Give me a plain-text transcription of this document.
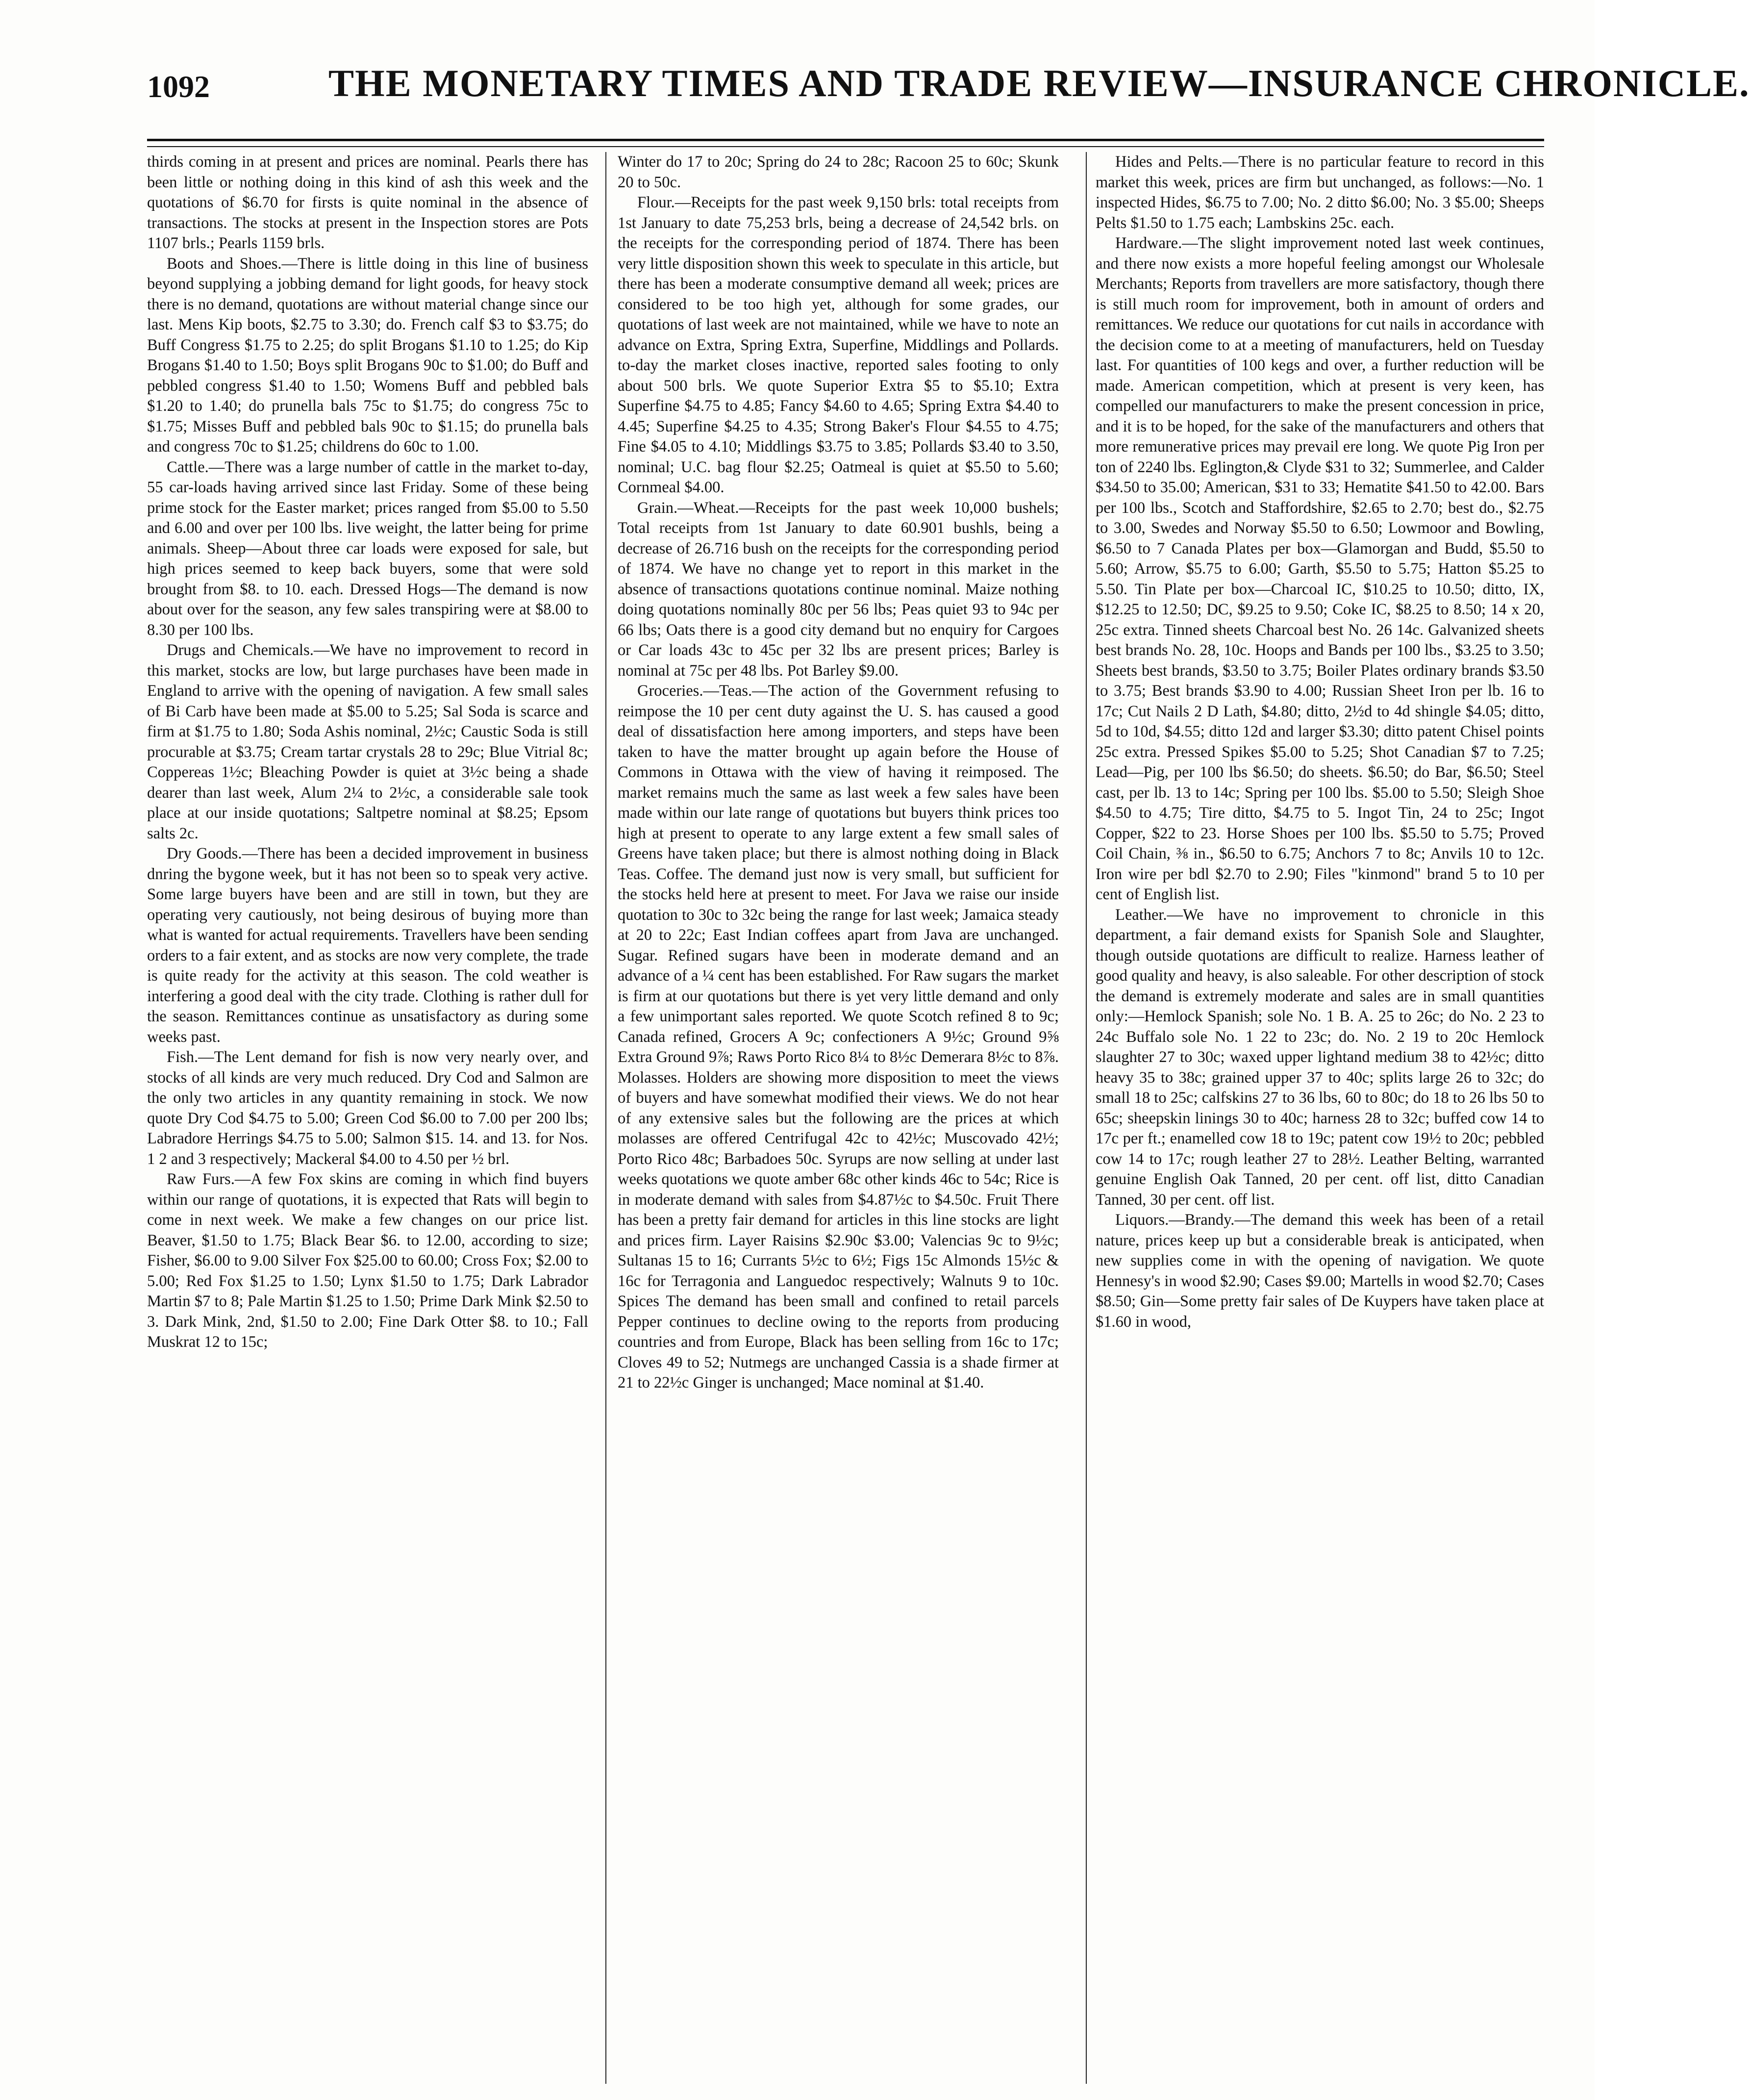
1092	THE MONETARY TIMES AND TRADE REVIEW—INSURANCE CHRONICLE.

thirds coming in at present and prices are nominal. Pearls there has been little or nothing doing in this kind of ash this week and the quotations of $6.70 for firsts is quite nominal in the absence of transactions. The stocks at present in the Inspection stores are Pots 1107 brls.; Pearls 1159 brls.

Boots and Shoes.—There is little doing in this line of business beyond supplying a jobbing demand for light goods, for heavy stock there is no demand, quotations are without material change since our last. Mens Kip boots, $2.75 to 3.30; do. French calf $3 to $3.75; do Buff Congress $1.75 to 2.25; do split Brogans $1.10 to 1.25; do Kip Brogans $1.40 to 1.50; Boys split Brogans 90c to $1.00; do Buff and pebbled congress $1.40 to 1.50; Womens Buff and pebbled bals $1.20 to 1.40; do prunella bals 75c to $1.75; do congress 75c to $1.75; Misses Buff and pebbled bals 90c to $1.15; do prunella bals and congress 70c to $1.25; childrens do 60c to 1.00.

Cattle.—There was a large number of cattle in the market to-day, 55 car-loads having arrived since last Friday. Some of these being prime stock for the Easter market; prices ranged from $5.00 to 5.50 and 6.00 and over per 100 lbs. live weight, the latter being for prime animals. Sheep—About three car loads were exposed for sale, but high prices seemed to keep back buyers, some that were sold brought from $8. to 10. each. Dressed Hogs—The demand is now about over for the season, any few sales transpiring were at $8.00 to 8.30 per 100 lbs.

Drugs and Chemicals.—We have no improvement to record in this market, stocks are low, but large purchases have been made in England to arrive with the opening of navigation. A few small sales of Bi Carb have been made at $5.00 to 5.25; Sal Soda is scarce and firm at $1.75 to 1.80; Soda Ashis nominal, 2½c; Caustic Soda is still procurable at $3.75; Cream tartar crystals 28 to 29c; Blue Vitrial 8c; Coppereas 1½c; Bleaching Powder is quiet at 3½c being a shade dearer than last week, Alum 2¼ to 2½c, a considerable sale took place at our inside quotations; Saltpetre nominal at $8.25; Epsom salts 2c.

Dry Goods.—There has been a decided improvement in business dnring the bygone week, but it has not been so to speak very active. Some large buyers have been and are still in town, but they are operating very cautiously, not being desirous of buying more than what is wanted for actual requirements. Travellers have been sending orders to a fair extent, and as stocks are now very complete, the trade is quite ready for the activity at this season. The cold weather is interfering a good deal with the city trade. Clothing is rather dull for the season. Remittances continue as unsatisfactory as during some weeks past.

Fish.—The Lent demand for fish is now very nearly over, and stocks of all kinds are very much reduced. Dry Cod and Salmon are the only two articles in any quantity remaining in stock. We now quote Dry Cod $4.75 to 5.00; Green Cod $6.00 to 7.00 per 200 lbs; Labradore Herrings $4.75 to 5.00; Salmon $15. 14. and 13. for Nos. 1 2 and 3 respectively; Mackeral $4.00 to 4.50 per ½ brl.

Raw Furs.—A few Fox skins are coming in which find buyers within our range of quotations, it is expected that Rats will begin to come in next week. We make a few changes on our price list. Beaver, $1.50 to 1.75; Black Bear $6. to 12.00, according to size; Fisher, $6.00 to 9.00 Silver Fox $25.00 to 60.00; Cross Fox; $2.00 to 5.00; Red Fox $1.25 to 1.50; Lynx $1.50 to 1.75; Dark Labrador Martin $7 to 8; Pale Martin $1.25 to 1.50; Prime Dark Mink $2.50 to 3. Dark Mink, 2nd, $1.50 to 2.00; Fine Dark Otter $8. to 10.; Fall Muskrat 12 to 15c;

Winter do 17 to 20c; Spring do 24 to 28c; Racoon 25 to 60c; Skunk 20 to 50c.

Flour.—Receipts for the past week 9,150 brls: total receipts from 1st January to date 75,253 brls, being a decrease of 24,542 brls. on the receipts for the corresponding period of 1874. There has been very little disposition shown this week to speculate in this article, but there has been a moderate consumptive demand all week; prices are considered to be too high yet, although for some grades, our quotations of last week are not maintained, while we have to note an advance on Extra, Spring Extra, Superfine, Middlings and Pollards. to-day the market closes inactive, reported sales footing to only about 500 brls. We quote Superior Extra $5 to $5.10; Extra Superfine $4.75 to 4.85; Fancy $4.60 to 4.65; Spring Extra $4.40 to 4.45; Superfine $4.25 to 4.35; Strong Baker's Flour $4.55 to 4.75; Fine $4.05 to 4.10; Middlings $3.75 to 3.85; Pollards $3.40 to 3.50, nominal; U.C. bag flour $2.25; Oatmeal is quiet at $5.50 to 5.60; Cornmeal $4.00.

Grain.—Wheat.—Receipts for the past week 10,000 bushels; Total receipts from 1st January to date 60.901 bushls, being a decrease of 26.716 bush on the receipts for the corresponding period of 1874. We have no change yet to report in this market in the absence of transactions quotations continue nominal. Maize nothing doing quotations nominally 80c per 56 lbs; Peas quiet 93 to 94c per 66 lbs; Oats there is a good city demand but no enquiry for Cargoes or Car loads 43c to 45c per 32 lbs are present prices; Barley is nominal at 75c per 48 lbs. Pot Barley $9.00.

Groceries.—Teas.—The action of the Government refusing to reimpose the 10 per cent duty against the U. S. has caused a good deal of dissatisfaction here among importers, and steps have been taken to have the matter brought up again before the House of Commons in Ottawa with the view of having it reimposed. The market remains much the same as last week a few sales have been made within our late range of quotations but buyers think prices too high at present to operate to any large extent a few small sales of Greens have taken place; but there is almost nothing doing in Black Teas. Coffee. The demand just now is very small, but sufficient for the stocks held here at present to meet. For Java we raise our inside quotation to 30c to 32c being the range for last week; Jamaica steady at 20 to 22c; East Indian coffees apart from Java are unchanged. Sugar. Refined sugars have been in moderate demand and an advance of a ¼ cent has been established. For Raw sugars the market is firm at our quotations but there is yet very little demand and only a few unimportant sales reported. We quote Scotch refined 8 to 9c; Canada refined, Grocers A 9c; confectioners A 9½c; Ground 9⅝ Extra Ground 9⅞; Raws Porto Rico 8¼ to 8½c Demerara 8½c to 8⅞. Molasses. Holders are showing more disposition to meet the views of buyers and have somewhat modified their views. We do not hear of any extensive sales but the following are the prices at which molasses are offered Centrifugal 42c to 42½c; Muscovado 42½; Porto Rico 48c; Barbadoes 50c. Syrups are now selling at under last weeks quotations we quote amber 68c other kinds 46c to 54c; Rice is in moderate demand with sales from $4.87½c to $4.50c. Fruit There has been a pretty fair demand for articles in this line stocks are light and prices firm. Layer Raisins $2.90c $3.00; Valencias 9c to 9½c; Sultanas 15 to 16; Currants 5½c to 6½; Figs 15c Almonds 15½c & 16c for Terragonia and Languedoc respectively; Walnuts 9 to 10c. Spices The demand has been small and confined to retail parcels Pepper continues to decline owing to the reports from producing countries and from Europe, Black has been selling from 16c to 17c; Cloves 49 to 52; Nutmegs are unchanged Cassia is a shade firmer at 21 to 22½c Ginger is unchanged; Mace nominal at $1.40.

Hides and Pelts.—There is no particular feature to record in this market this week, prices are firm but unchanged, as follows:—No. 1 inspected Hides, $6.75 to 7.00; No. 2 ditto $6.00; No. 3 $5.00; Sheeps Pelts $1.50 to 1.75 each; Lambskins 25c. each.

Hardware.—The slight improvement noted last week continues, and there now exists a more hopeful feeling amongst our Wholesale Merchants; Reports from travellers are more satisfactory, though there is still much room for improvement, both in amount of orders and remittances. We reduce our quotations for cut nails in accordance with the decision come to at a meeting of manufacturers, held on Tuesday last. For quantities of 100 kegs and over, a further reduction will be made. American competition, which at present is very keen, has compelled our manufacturers to make the present concession in price, and it is to be hoped, for the sake of the manufacturers and others that more remunerative prices may prevail ere long. We quote Pig Iron per ton of 2240 lbs. Eglington,& Clyde $31 to 32; Summerlee, and Calder $34.50 to 35.00; American, $31 to 33; Hematite $41.50 to 42.00. Bars per 100 lbs., Scotch and Staffordshire, $2.65 to 2.70; best do., $2.75 to 3.00, Swedes and Norway $5.50 to 6.50; Lowmoor and Bowling, $6.50 to 7 Canada Plates per box—Glamorgan and Budd, $5.50 to 5.60; Arrow, $5.75 to 6.00; Garth, $5.50 to 5.75; Hatton $5.25 to 5.50. Tin Plate per box—Charcoal IC, $10.25 to 10.50; ditto, IX, $12.25 to 12.50; DC, $9.25 to 9.50; Coke IC, $8.25 to 8.50; 14 x 20, 25c extra. Tinned sheets Charcoal best No. 26 14c. Galvanized sheets best brands No. 28, 10c. Hoops and Bands per 100 lbs., $3.25 to 3.50; Sheets best brands, $3.50 to 3.75; Boiler Plates ordinary brands $3.50 to 3.75; Best brands $3.90 to 4.00; Russian Sheet Iron per lb. 16 to 17c; Cut Nails 2 D Lath, $4.80; ditto, 2½d to 4d shingle $4.05; ditto, 5d to 10d, $4.55; ditto 12d and larger $3.30; ditto patent Chisel points 25c extra. Pressed Spikes $5.00 to 5.25; Shot Canadian $7 to 7.25; Lead—Pig, per 100 lbs $6.50; do sheets. $6.50; do Bar, $6.50; Steel cast, per lb. 13 to 14c; Spring per 100 lbs. $5.00 to 5.50; Sleigh Shoe $4.50 to 4.75; Tire ditto, $4.75 to 5. Ingot Tin, 24 to 25c; Ingot Copper, $22 to 23. Horse Shoes per 100 lbs. $5.50 to 5.75; Proved Coil Chain, ⅜ in., $6.50 to 6.75; Anchors 7 to 8c; Anvils 10 to 12c. Iron wire per bdl $2.70 to 2.90; Files "kinmond" brand 5 to 10 per cent of English list.

Leather.—We have no improvement to chronicle in this department, a fair demand exists for Spanish Sole and Slaughter, though outside quotations are difficult to realize. Harness leather of good quality and heavy, is also saleable. For other description of stock the demand is extremely moderate and sales are in small quantities only:—Hemlock Spanish; sole No. 1 B. A. 25 to 26c; do No. 2 23 to 24c Buffalo sole No. 1 22 to 23c; do. No. 2 19 to 20c Hemlock slaughter 27 to 30c; waxed upper lightand medium 38 to 42½c; ditto heavy 35 to 38c; grained upper 37 to 40c; splits large 26 to 32c; do small 18 to 25c; calfskins 27 to 36 lbs, 60 to 80c; do 18 to 26 lbs 50 to 65c; sheepskin linings 30 to 40c; harness 28 to 32c; buffed cow 14 to 17c per ft.; enamelled cow 18 to 19c; patent cow 19½ to 20c; pebbled cow 14 to 17c; rough leather 27 to 28½. Leather Belting, warranted genuine English Oak Tanned, 20 per cent. off list, ditto Canadian Tanned, 30 per cent. off list.

Liquors.—Brandy.—The demand this week has been of a retail nature, prices keep up but a considerable break is anticipated, when new supplies come in with the opening of navigation. We quote Hennesy's in wood $2.90; Cases $9.00; Martells in wood $2.70; Cases $8.50; Gin—Some pretty fair sales of De Kuypers have taken place at $1.60 in wood,
